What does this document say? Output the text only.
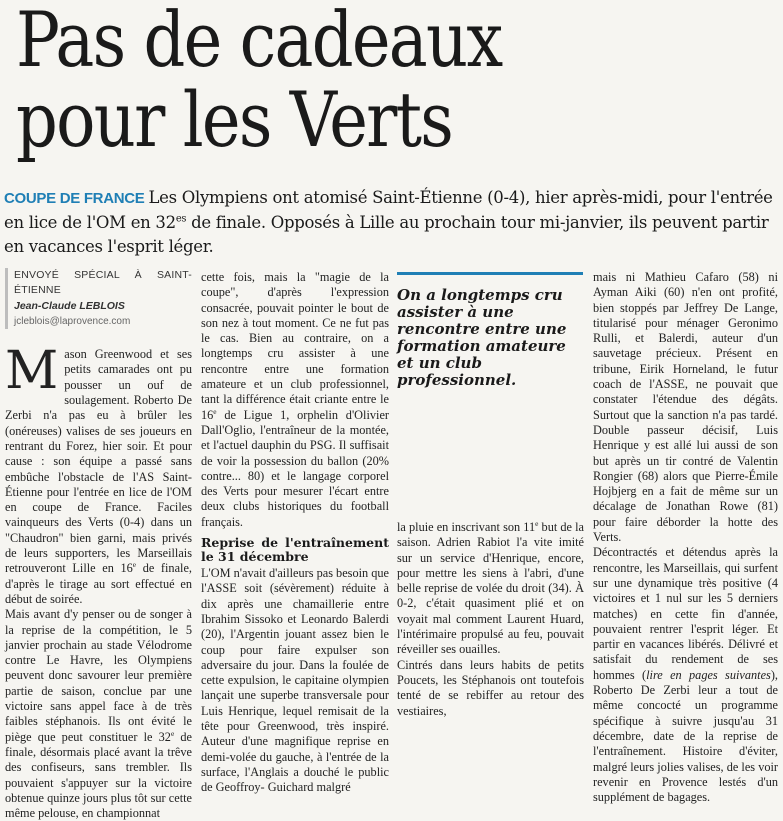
Pas de cadeaux
pour les Verts

COUPE DE FRANCE Les Olympiens ont atomisé Saint-Étienne (0-4), hier après-midi, pour l'entrée en lice de l'OM en $32^{es}$ de finale. Opposés à Lille au prochain tour mi-janvier, ils peuvent partir en vacances l'esprit léger.

ENVOYÉ SPÉCIAL À SAINT-ÉTIENNE
Jean-Claude LEBLOIS
jcleblois@laprovence.com

Mason Greenwood et ses petits camarades ont pu pousser un ouf de soulagement. Roberto De Zerbi n'a pas eu à brûler les (onéreuses) valises de ses joueurs en rentrant du Forez, hier soir. Et pour cause : son équipe a passé sans embûche l'obstacle de l'AS Saint-Étienne pour l'entrée en lice de l'OM en coupe de France. Faciles vainqueurs des Verts (0-4) dans un "Chaudron" bien garni, mais privés de leurs supporters, les Marseillais retrouveront Lille en 16e de finale, d'après le tirage au sort effectué en début de soirée.

Mais avant d'y penser ou de songer à la reprise de la compétition, le 5 janvier prochain au stade Vélodrome contre Le Havre, les Olympiens peuvent donc savourer leur première partie de saison, conclue par une victoire sans appel face à de très faibles stéphanois. Ils ont évité le piège que peut constituer le 32e de finale, désormais placé avant la trêve des confiseurs, sans trembler. Ils pouvaient s'appuyer sur la victoire obtenue quinze jours plus tôt sur cette même pelouse, en championnat

cette fois, mais la "magie de la coupe", d'après l'expression consacrée, pouvait pointer le bout de son nez à tout moment. Ce ne fut pas le cas. Bien au contraire, on a longtemps cru assister à une rencontre entre une formation amateure et un club professionnel, tant la différence était criante entre le 16e de Ligue 1, orphelin d'Olivier Dall'Oglio, l'entraîneur de la montée, et l'actuel dauphin du PSG. Il suffisait de voir la possession du ballon (20% contre... 80) et le langage corporel des Verts pour mesurer l'écart entre deux clubs historiques du football français.

Reprise de l'entraînement le 31 décembre

L'OM n'avait d'ailleurs pas besoin que l'ASSE soit (sévèrement) réduite à dix après une chamaillerie entre Ibrahim Sissoko et Leonardo Balerdi (20), l'Argentin jouant assez bien le coup pour faire expulser son adversaire du jour. Dans la foulée de cette expulsion, le capitaine olympien lançait une superbe transversale pour Luis Henrique, lequel remisait de la tête pour Greenwood, très inspiré. Auteur d'une magnifique reprise en demi-volée du gauche, à l'entrée de la surface, l'Anglais a douché le public de Geoffroy- Guichard malgré

On a longtemps cru assister à une rencontre entre une formation amateure et un club professionnel.

la pluie en inscrivant son 11e but de la saison. Adrien Rabiot l'a vite imité sur un service d'Henrique, encore, pour mettre les siens à l'abri, d'une belle reprise de volée du droit (34). À 0-2, c'était quasiment plié et on voyait mal comment Laurent Huard, l'intérimaire propulsé au feu, pouvait réveiller ses ouailles.

Cintrés dans leurs habits de petits Poucets, les Stéphanois ont toutefois tenté de se rebiffer au retour des vestiaires,

mais ni Mathieu Cafaro (58) ni Ayman Aiki (60) n'en ont profité, bien stoppés par Jeffrey De Lange, titularisé pour ménager Geronimo Rulli, et Balerdi, auteur d'un sauvetage précieux. Présent en tribune, Eirik Horneland, le futur coach de l'ASSE, ne pouvait que constater l'étendue des dégâts. Surtout que la sanction n'a pas tardé. Double passeur décisif, Luis Henrique y est allé lui aussi de son but après un tir contré de Valentin Rongier (68) alors que Pierre-Émile Hojbjerg en a fait de même sur un décalage de Jonathan Rowe (81) pour faire déborder la hotte des Verts.

Décontractés et détendus après la rencontre, les Marseillais, qui surfent sur une dynamique très positive (4 victoires et 1 nul sur les 5 derniers matches) en cette fin d'année, pouvaient rentrer l'esprit léger. Et partir en vacances libérés. Délivré et satisfait du rendement de ses hommes (lire en pages suivantes), Roberto De Zerbi leur a tout de même concocté un programme spécifique à suivre jusqu'au 31 décembre, date de la reprise de l'entraînement. Histoire d'éviter, malgré leurs jolies valises, de les voir revenir en Provence lestés d'un supplément de bagages.
